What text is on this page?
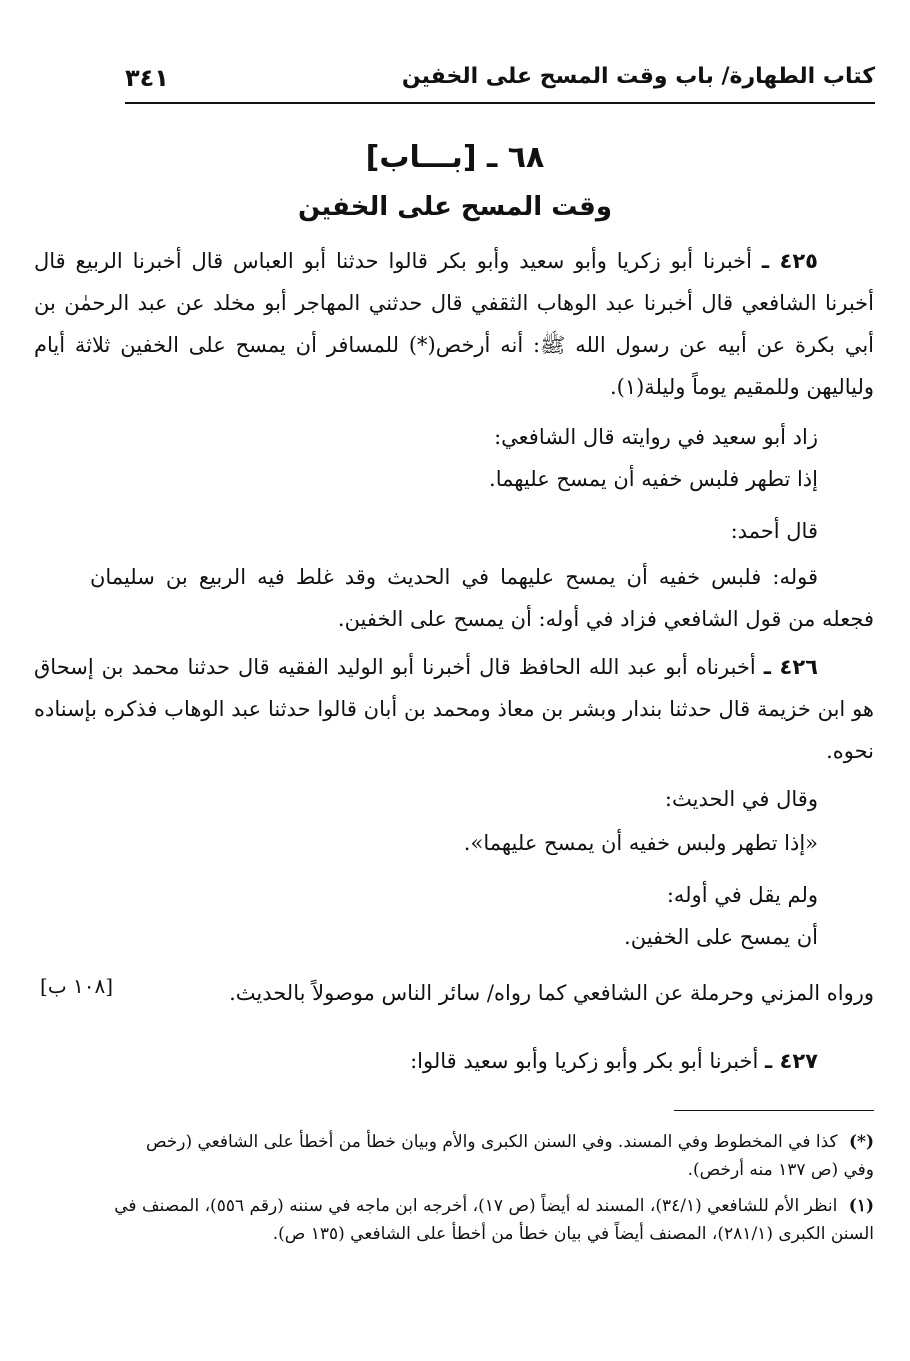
كتاب الطهارة/ باب وقت المسح على الخفين
٣٤١
٦٨ ـ [بـــاب]
وقت المسح على الخفين
٤٢٥ ـ أخبرنا أبو زكريا وأبو سعيد وأبو بكر قالوا حدثنا أبو العباس قال أخبرنا الربيع قال أخبرنا الشافعي قال أخبرنا عبد الوهاب الثقفي قال حدثني المهاجر أبو مخلد عن عبد الرحمٰن بن أبي بكرة عن أبيه عن رسول الله ﷺ: أنه أرخص(*) للمسافر أن يمسح على الخفين ثلاثة أيام ولياليهن وللمقيم يوماً وليلة(١).
زاد أبو سعيد في روايته قال الشافعي:
إذا تطهر فلبس خفيه أن يمسح عليهما.
قال أحمد:
قوله: فلبس خفيه أن يمسح عليهما في الحديث وقد غلط فيه الربيع بن سليمان فجعله من قول الشافعي فزاد في أوله: أن يمسح على الخفين.
٤٢٦ ـ أخبرناه أبو عبد الله الحافظ قال أخبرنا أبو الوليد الفقيه قال حدثنا محمد بن إسحاق هو ابن خزيمة قال حدثنا بندار وبشر بن معاذ ومحمد بن أبان قالوا حدثنا عبد الوهاب فذكره بإسناده نحوه.
وقال في الحديث:
«إذا تطهر ولبس خفيه أن يمسح عليهما».
ولم يقل في أوله:
أن يمسح على الخفين.
ورواه المزني وحرملة عن الشافعي كما رواه/ سائر الناس موصولاً بالحديث.
[١٠٨ ب]
٤٢٧ ـ أخبرنا أبو بكر وأبو زكريا وأبو سعيد قالوا:
(*) كذا في المخطوط وفي المسند. وفي السنن الكبرى والأم وبيان خطأ من أخطأ على الشافعي (رخص وفي (ص ١٣٧ منه أرخص).
(١) انظر الأم للشافعي (٣٤/١)، المسند له أيضاً (ص ١٧)، أخرجه ابن ماجه في سننه (رقم ٥٥٦)، المصنف في السنن الكبرى (٢٨١/١)، المصنف أيضاً في بيان خطأ من أخطأ على الشافعي (١٣٥ ص).
